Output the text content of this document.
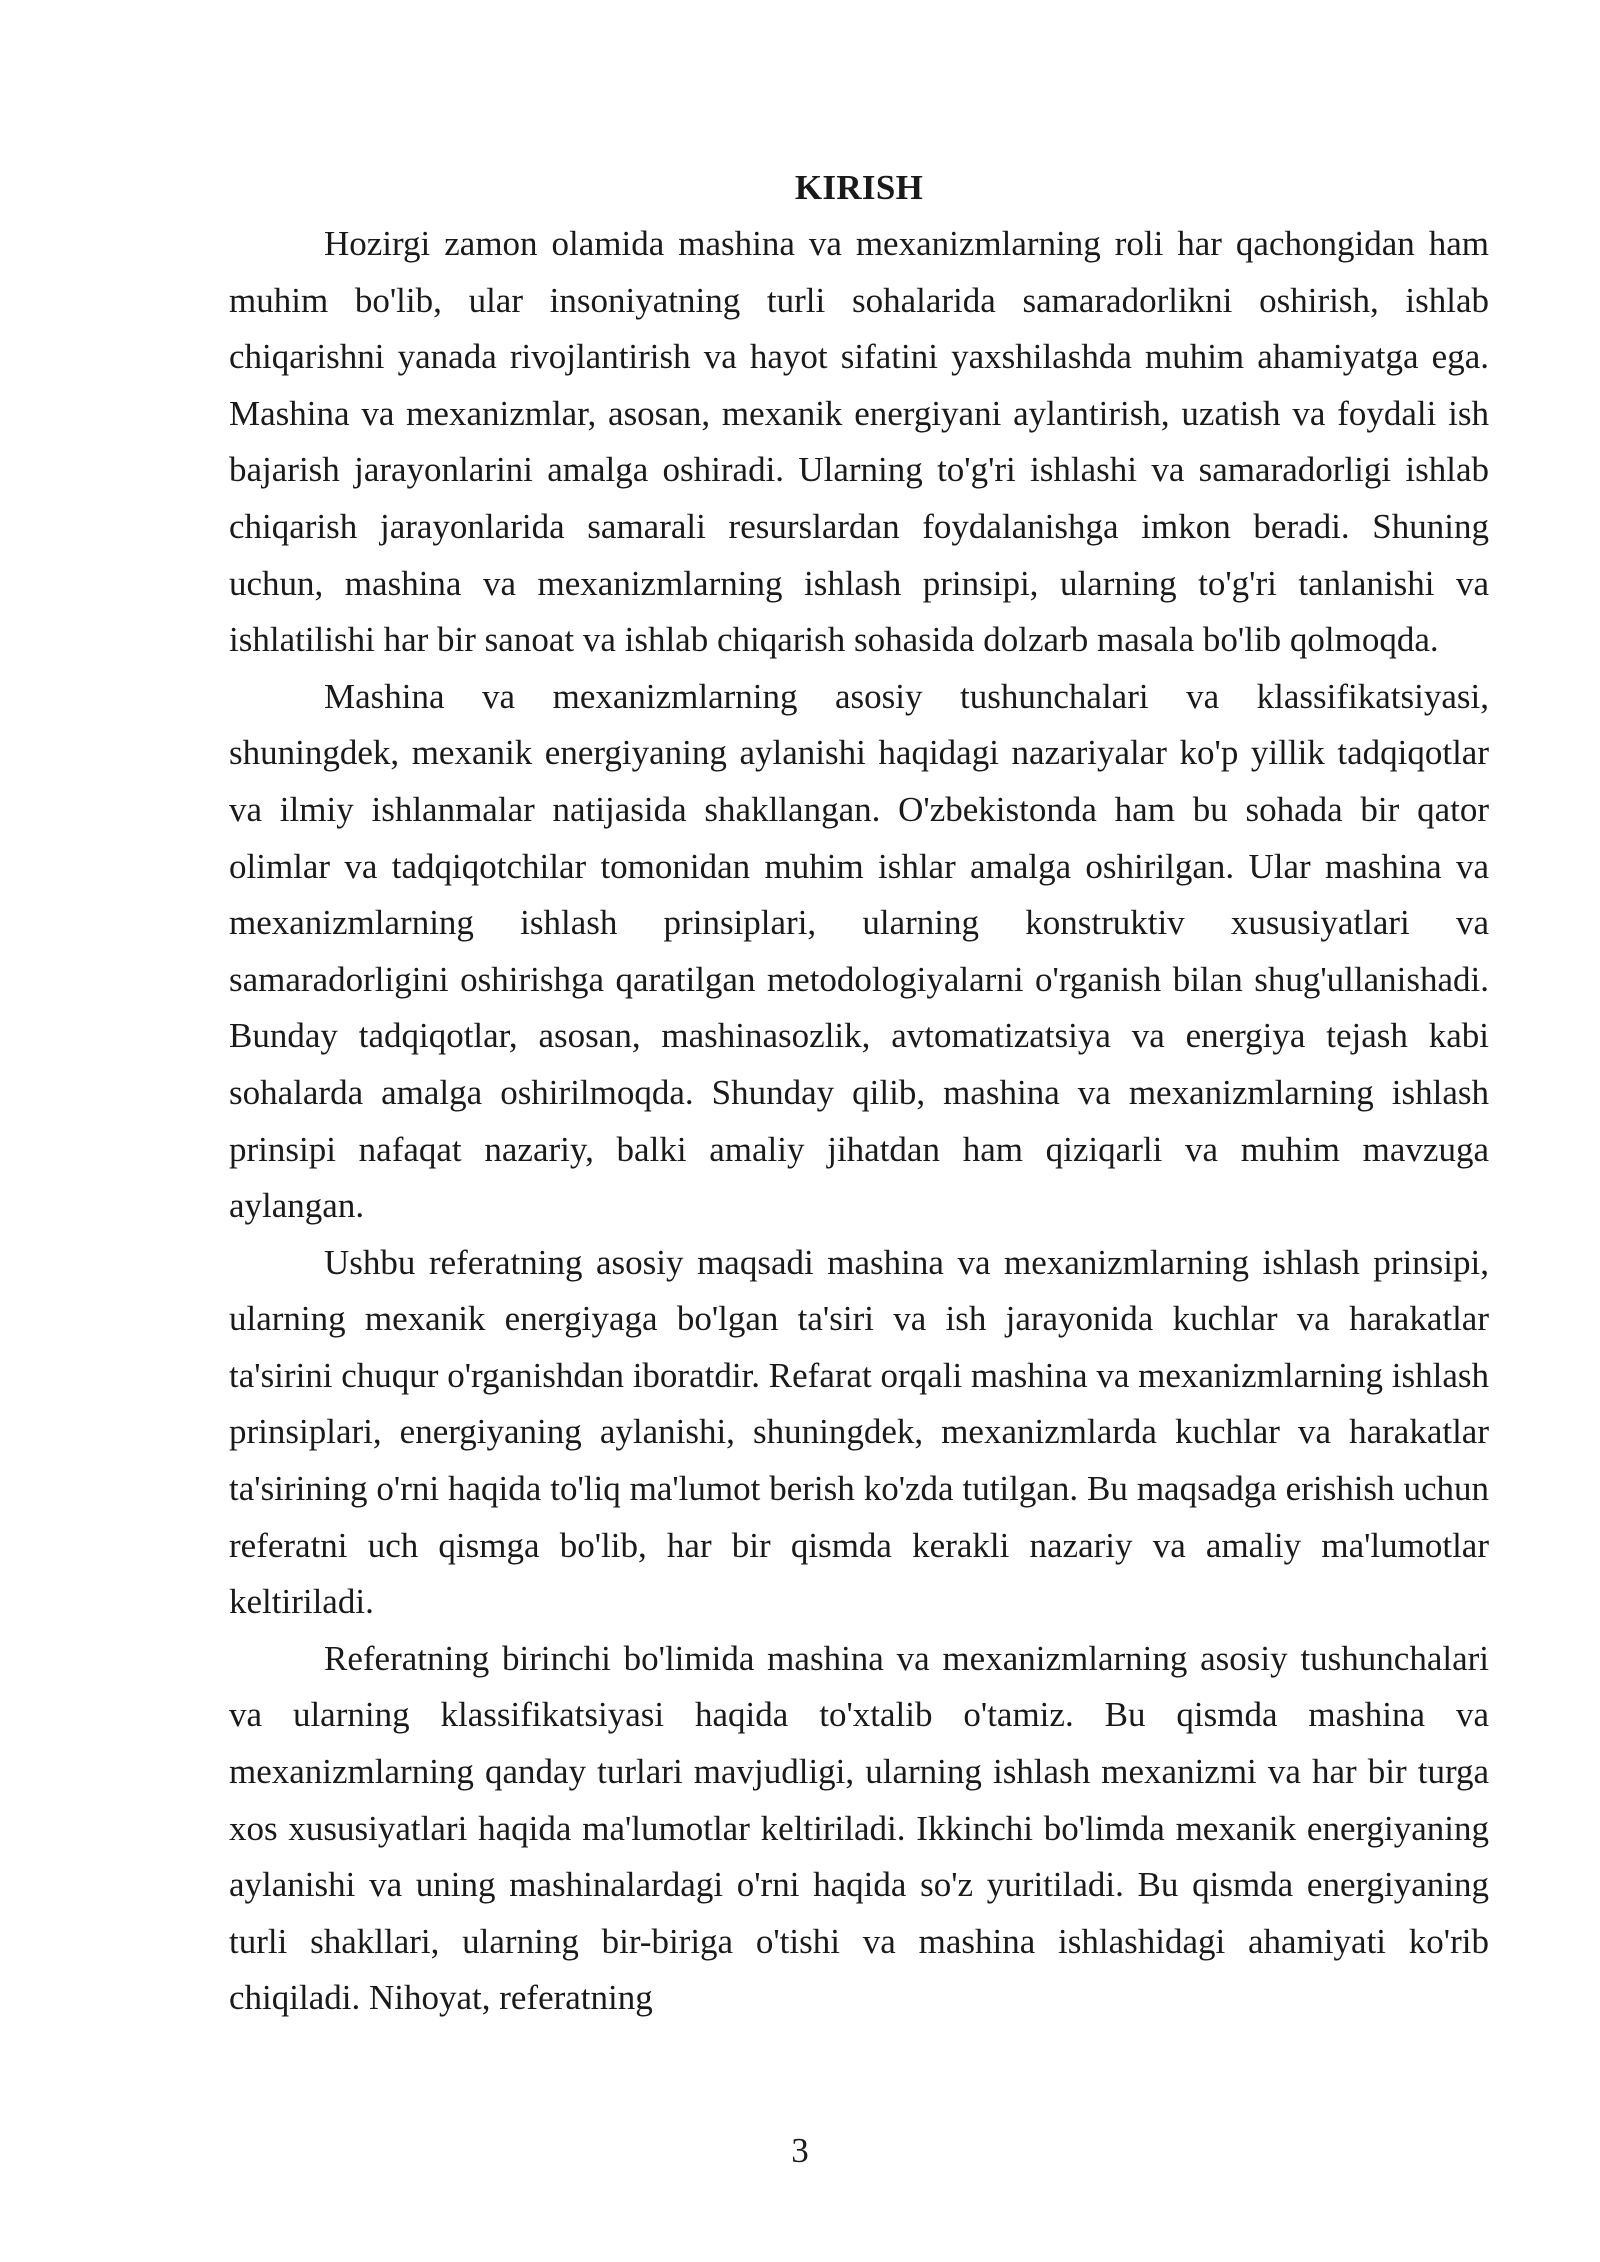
KIRISH

Hozirgi zamon olamida mashina va mexanizmlarning roli har qachongidan ham muhim bo'lib, ular insoniyatning turli sohalarida samaradorlikni oshirish, ishlab chiqarishni yanada rivojlantirish va hayot sifatini yaxshilashda muhim ahamiyatga ega. Mashina va mexanizmlar, asosan, mexanik energiyani aylantirish, uzatish va foydali ish bajarish jarayonlarini amalga oshiradi. Ularning to'g'ri ishlashi va samaradorligi ishlab chiqarish jarayonlarida samarali resurslardan foydalanishga imkon beradi. Shuning uchun, mashina va mexanizmlarning ishlash prinsipi, ularning to'g'ri tanlanishi va ishlatilishi har bir sanoat va ishlab chiqarish sohasida dolzarb masala bo'lib qolmoqda.

Mashina va mexanizmlarning asosiy tushunchalari va klassifikatsiyasi, shuningdek, mexanik energiyaning aylanishi haqidagi nazariyalar ko'p yillik tadqiqotlar va ilmiy ishlanmalar natijasida shakllangan. O'zbekistonda ham bu sohada bir qator olimlar va tadqiqotchilar tomonidan muhim ishlar amalga oshirilgan. Ular mashina va mexanizmlarning ishlash prinsiplari, ularning konstruktiv xususiyatlari va samaradorligini oshirishga qaratilgan metodologiyalarni o'rganish bilan shug'ullanishadi. Bunday tadqiqotlar, asosan, mashinasozlik, avtomatizatsiya va energiya tejash kabi sohalarda amalga oshirilmoqda. Shunday qilib, mashina va mexanizmlarning ishlash prinsipi nafaqat nazariy, balki amaliy jihatdan ham qiziqarli va muhim mavzuga aylangan.

Ushbu referatning asosiy maqsadi mashina va mexanizmlarning ishlash prinsipi, ularning mexanik energiyaga bo'lgan ta'siri va ish jarayonida kuchlar va harakatlar ta'sirini chuqur o'rganishdan iboratdir. Refarat orqali mashina va mexanizmlarning ishlash prinsiplari, energiyaning aylanishi, shuningdek, mexanizmlarda kuchlar va harakatlar ta'sirining o'rni haqida to'liq ma'lumot berish ko'zda tutilgan. Bu maqsadga erishish uchun referatni uch qismga bo'lib, har bir qismda kerakli nazariy va amaliy ma'lumotlar keltiriladi.

Referatning birinchi bo'limida mashina va mexanizmlarning asosiy tushunchalari va ularning klassifikatsiyasi haqida to'xtalib o'tamiz. Bu qismda mashina va mexanizmlarning qanday turlari mavjudligi, ularning ishlash mexanizmi va har bir turga xos xususiyatlari haqida ma'lumotlar keltiriladi. Ikkinchi bo'limda mexanik energiyaning aylanishi va uning mashinalardagi o'rni haqida so'z yuritiladi. Bu qismda energiyaning turli shakllari, ularning bir-biriga o'tishi va mashina ishlashidagi ahamiyati ko'rib chiqiladi. Nihoyat, referatning

3
